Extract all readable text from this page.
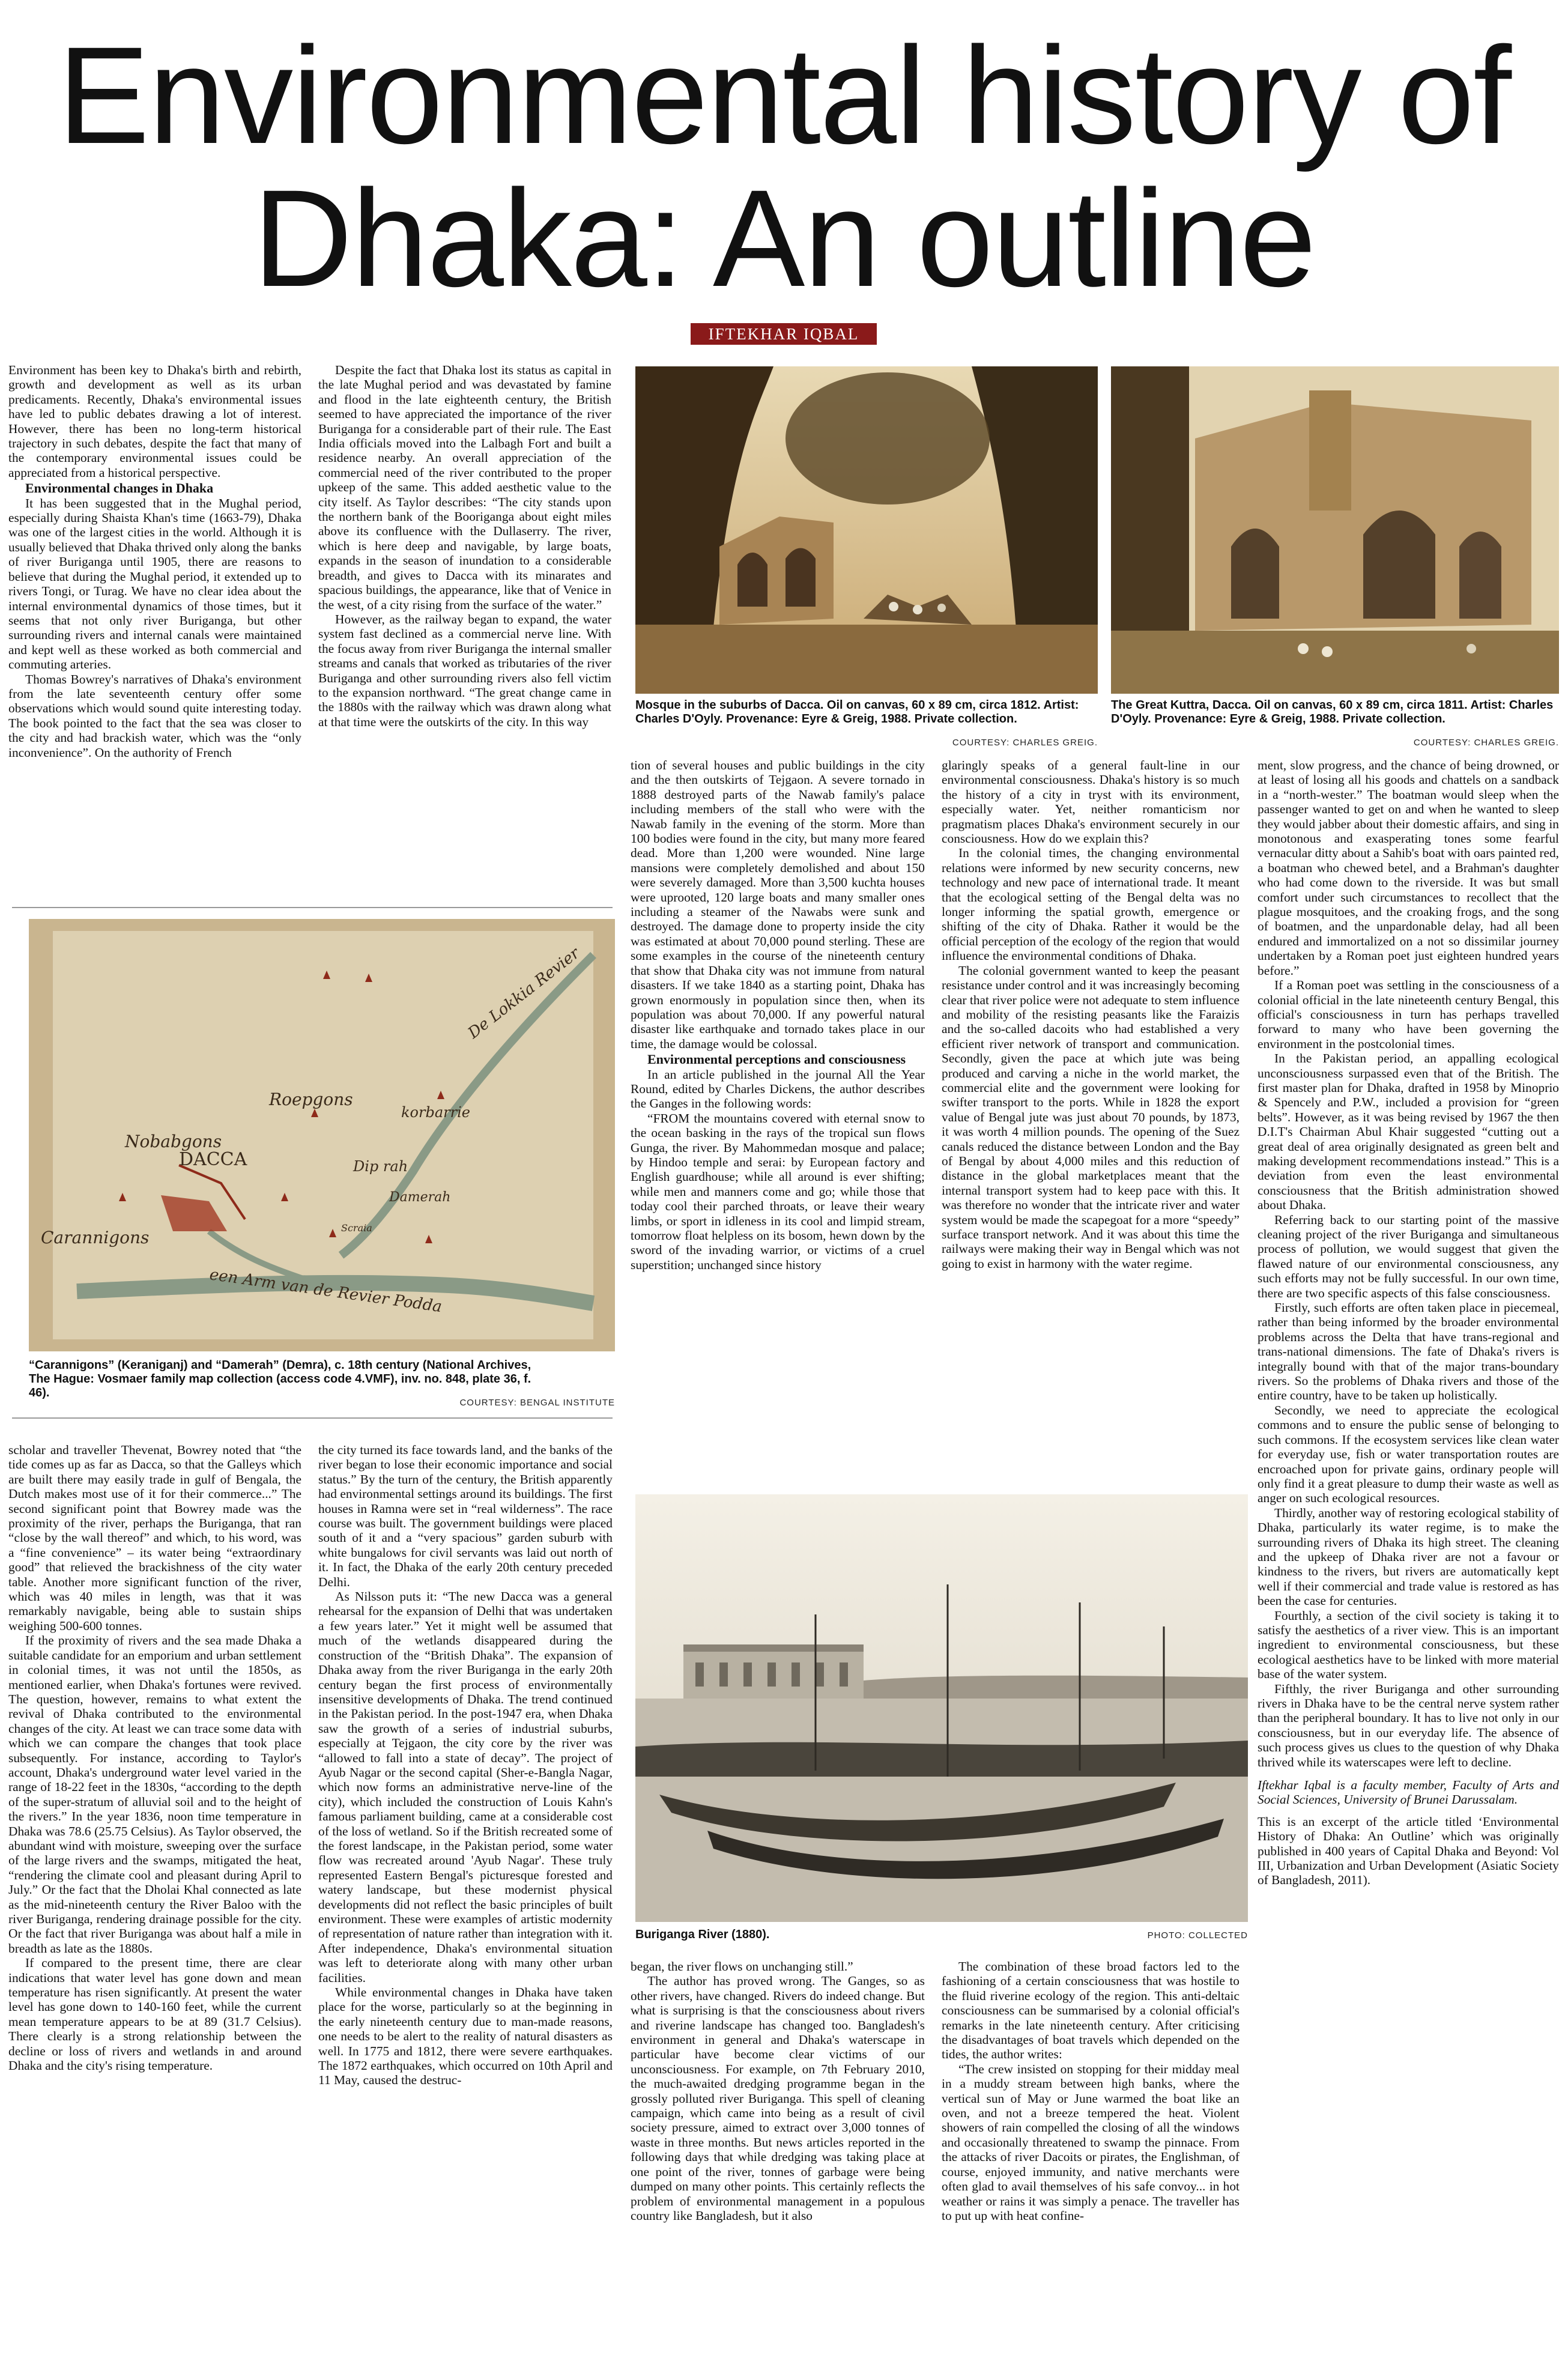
Environmental history of
Dhaka: An outline
IFTEKHAR IQBAL

Environment has been key to Dhaka's birth and rebirth, growth and development as well as its urban predicaments. Recently, Dhaka's environmental issues have led to public debates drawing a lot of interest. However, there has been no long-term historical trajectory in such debates, despite the fact that many of the contemporary environmental issues could be appreciated from a historical perspective.

Environmental changes in Dhaka

It has been suggested that in the Mughal period, especially during Shaista Khan's time (1663-79), Dhaka was one of the largest cities in the world. Although it is usually believed that Dhaka thrived only along the banks of river Buriganga until 1905, there are reasons to believe that during the Mughal period, it extended up to rivers Tongi, or Turag. We have no clear idea about the internal environmental dynamics of those times, but it seems that not only river Buriganga, but other surrounding rivers and internal canals were maintained and kept well as these worked as both commercial and commuting arteries.

Thomas Bowrey's narratives of Dhaka's environment from the late seventeenth century offer some observations which would sound quite interesting today. The book pointed to the fact that the sea was closer to the city and had brackish water, which was the “only inconvenience”. On the authority of French

Despite the fact that Dhaka lost its status as capital in the late Mughal period and was devastated by famine and flood in the late eighteenth century, the British seemed to have appreciated the importance of the river Buriganga for a considerable part of their rule. The East India officials moved into the Lalbagh Fort and built a residence nearby. An overall appreciation of the commercial need of the river contributed to the proper upkeep of the same. This added aesthetic value to the city itself. As Taylor describes: “The city stands upon the northern bank of the Booriganga about eight miles above its confluence with the Dullaserry. The river, which is here deep and navigable, by large boats, expands in the season of inundation to a considerable breadth, and gives to Dacca with its minarates and spacious buildings, the appearance, like that of Venice in the west, of a city rising from the surface of the water.”

However, as the railway began to expand, the water system fast declined as a commercial nerve line. With the focus away from river Buriganga the internal smaller streams and canals that worked as tributaries of the river Buriganga and other surrounding rivers also fell victim to the expansion northward. “The great change came in the 1880s with the railway which was drawn along what at that time were the outskirts of the city. In this way

Mosque in the suburbs of Dacca. Oil on canvas, 60 x 89 cm, circa 1812. Artist: Charles D'Oyly. Provenance: Eyre & Greig, 1988. Private collection.
COURTESY: CHARLES GREIG.
The Great Kuttra, Dacca. Oil on canvas, 60 x 89 cm, circa 1811. Artist: Charles D'Oyly. Provenance: Eyre & Greig, 1988. Private collection.
COURTESY: CHARLES GREIG.

tion of several houses and public buildings in the city and the then outskirts of Tejgaon. A severe tornado in 1888 destroyed parts of the Nawab family's palace including members of the stall who were with the Nawab family in the evening of the storm. More than 100 bodies were found in the city, but many more feared dead. More than 1,200 were wounded. Nine large mansions were completely demolished and about 150 were severely damaged. More than 3,500 kuchta houses were uprooted, 120 large boats and many smaller ones including a steamer of the Nawabs were sunk and destroyed. The damage done to property inside the city was estimated at about 70,000 pound sterling. These are some examples in the course of the nineteenth century that show that Dhaka city was not immune from natural disasters. If we take 1840 as a starting point, Dhaka has grown enormously in population since then, when its population was about 70,000. If any powerful natural disaster like earthquake and tornado takes place in our time, the damage would be colossal.

Environmental perceptions and consciousness

In an article published in the journal All the Year Round, edited by Charles Dickens, the author describes the Ganges in the following words:

“FROM the mountains covered with eternal snow to the ocean basking in the rays of the tropical sun flows Gunga, the river. By Mahommedan mosque and palace; by Hindoo temple and serai: by European factory and English guardhouse; while all around is ever shifting; while men and manners come and go; while those that today cool their parched throats, or leave their weary limbs, or sport in idleness in its cool and limpid stream, tomorrow float helpless on its bosom, hewn down by the sword of the invading warrior, or victims of a cruel superstition; unchanged since history

glaringly speaks of a general fault-line in our environmental consciousness. Dhaka's history is so much the history of a city in tryst with its environment, especially water. Yet, neither romanticism nor pragmatism places Dhaka's environment securely in our consciousness. How do we explain this?

In the colonial times, the changing environmental relations were informed by new security concerns, new technology and new pace of international trade. It meant that the ecological setting of the Bengal delta was no longer informing the spatial growth, emergence or shifting of the city of Dhaka. Rather it would be the official perception of the ecology of the region that would influence the environmental conditions of Dhaka.

The colonial government wanted to keep the peasant resistance under control and it was increasingly becoming clear that river police were not adequate to stem influence and mobility of the resisting peasants like the Faraizis and the so-called dacoits who had established a very efficient river network of transport and communication. Secondly, given the pace at which jute was being produced and carving a niche in the world market, the commercial elite and the government were looking for swifter transport to the ports. While in 1828 the export value of Bengal jute was just about 70 pounds, by 1873, it was worth 4 million pounds. The opening of the Suez canals reduced the distance between London and the Bay of Bengal by about 4,000 miles and this reduction of distance in the global marketplaces meant that the internal transport system had to keep pace with this. It was therefore no wonder that the intricate river and water system would be made the scapegoat for a more “speedy” surface transport network. And it was about this time the railways were making their way in Bengal which was not going to exist in harmony with the water regime.

ment, slow progress, and the chance of being drowned, or at least of losing all his goods and chattels on a sandback in a “north-wester.” The boatman would sleep when the passenger wanted to get on and when he wanted to sleep they would jabber about their domestic affairs, and sing in monotonous and exasperating tones some fearful vernacular ditty about a Sahib's boat with oars painted red, a boatman who chewed betel, and a Brahman's daughter who had come down to the riverside. It was but small comfort under such circumstances to recollect that the plague mosquitoes, and the croaking frogs, and the song of boatmen, and the unpardonable delay, had all been endured and immortalized on a not so dissimilar journey undertaken by a Roman poet just eighteen hundred years before.”

If a Roman poet was settling in the consciousness of a colonial official in the late nineteenth century Bengal, this official's consciousness in turn has perhaps travelled forward to many who have been governing the environment in the postcolonial times.

In the Pakistan period, an appalling ecological unconsciousness surpassed even that of the British. The first master plan for Dhaka, drafted in 1958 by Minoprio & Spencely and P.W., included a provision for “green belts”. However, as it was being revised by 1967 the then D.I.T's Chairman Abul Khair suggested “cutting out a great deal of area originally designated as green belt and making development recommendations instead.” This is a deviation from even the least environmental consciousness that the British administration showed about Dhaka.

Referring back to our starting point of the massive cleaning project of the river Buriganga and simultaneous process of pollution, we would suggest that given the flawed nature of our environmental consciousness, any such efforts may not be fully successful. In our own time, there are two specific aspects of this false consciousness.

Firstly, such efforts are often taken place in piecemeal, rather than being informed by the broader environmental problems across the Delta that have trans-regional and trans-national dimensions. The fate of Dhaka's rivers is integrally bound with that of the major trans-boundary rivers. So the problems of Dhaka rivers and those of the entire country, have to be taken up holistically.

Secondly, we need to appreciate the ecological commons and to ensure the public sense of belonging to such commons. If the ecosystem services like clean water for everyday use, fish or water transportation routes are encroached upon for private gains, ordinary people will only find it a great pleasure to dump their waste as well as anger on such ecological resources.

Thirdly, another way of restoring ecological stability of Dhaka, particularly its water regime, is to make the surrounding rivers of Dhaka its high street. The cleaning and the upkeep of Dhaka river are not a favour or kindness to the rivers, but rivers are automatically kept well if their commercial and trade value is restored as has been the case for centuries.

Fourthly, a section of the civil society is taking it to satisfy the aesthetics of a river view. This is an important ingredient to environmental consciousness, but these ecological aesthetics have to be linked with more material base of the water system.

Fifthly, the river Buriganga and other surrounding rivers in Dhaka have to be the central nerve system rather than the peripheral boundary. It has to live not only in our consciousness, but in our everyday life. The absence of such process gives us clues to the question of why Dhaka thrived while its waterscapes were left to decline.

Iftekhar Iqbal is a faculty member, Faculty of Arts and Social Sciences, University of Brunei Darussalam.

This is an excerpt of the article titled ‘Environmental History of Dhaka: An Outline’ which was originally published in 400 years of Capital Dhaka and Beyond: Vol III, Urbanization and Urban Development (Asiatic Society of Bangladesh, 2011).

De Lokkia Revier
Roepgons
korbarrie
Nobabgons
DACCA	Dip rah
Damerah
Carannigons
een Arm van de Revier Podda
Scraia
“Carannigons” (Keraniganj) and “Damerah” (Demra), c. 18th century (National Archives, The Hague: Vosmaer family map collection (access code 4.VMF), inv. no. 848, plate 36, f. 46).
COURTESY: BENGAL INSTITUTE

scholar and traveller Thevenat, Bowrey noted that “the tide comes up as far as Dacca, so that the Galleys which are built there may easily trade in gulf of Bengala, the Dutch makes most use of it for their commerce...” The second significant point that Bowrey made was the proximity of the river, perhaps the Buriganga, that ran “close by the wall thereof” and which, to his word, was a “fine convenience” – its water being “extraordinary good” that relieved the brackishness of the city water table. Another more significant function of the river, which was 40 miles in length, was that it was remarkably navigable, being able to sustain ships weighing 500-600 tonnes.

If the proximity of rivers and the sea made Dhaka a suitable candidate for an emporium and urban settlement in colonial times, it was not until the 1850s, as mentioned earlier, when Dhaka's fortunes were revived. The question, however, remains to what extent the revival of Dhaka contributed to the environmental changes of the city. At least we can trace some data with which we can compare the changes that took place subsequently. For instance, according to Taylor's account, Dhaka's underground water level varied in the range of 18-22 feet in the 1830s, “according to the depth of the super-stratum of alluvial soil and to the height of the rivers.” In the year 1836, noon time temperature in Dhaka was 78.6 (25.75 Celsius). As Taylor observed, the abundant wind with moisture, sweeping over the surface of the large rivers and the swamps, mitigated the heat, “rendering the climate cool and pleasant during April to July.” Or the fact that the Dholai Khal connected as late as the mid-nineteenth century the River Baloo with the river Buriganga, rendering drainage possible for the city. Or the fact that river Buriganga was about half a mile in breadth as late as the 1880s.

If compared to the present time, there are clear indications that water level has gone down and mean temperature has risen significantly. At present the water level has gone down to 140-160 feet, while the current mean temperature appears to be at 89 (31.7 Celsius). There clearly is a strong relationship between the decline or loss of rivers and wetlands in and around Dhaka and the city's rising temperature.

the city turned its face towards land, and the banks of the river began to lose their economic importance and social status.” By the turn of the century, the British apparently had environmental settings around its buildings. The first houses in Ramna were set in “real wilderness”. The race course was built. The government buildings were placed south of it and a “very spacious” garden suburb with white bungalows for civil servants was laid out north of it. In fact, the Dhaka of the early 20th century preceded Delhi.

As Nilsson puts it: “The new Dacca was a general rehearsal for the expansion of Delhi that was undertaken a few years later.” Yet it might well be assumed that much of the wetlands disappeared during the construction of the “British Dhaka”. The expansion of Dhaka away from the river Buriganga in the early 20th century began the first process of environmentally insensitive developments of Dhaka. The trend continued in the Pakistan period. In the post-1947 era, when Dhaka saw the growth of a series of industrial suburbs, especially at Tejgaon, the city core by the river was “allowed to fall into a state of decay”. The project of Ayub Nagar or the second capital (Sher-e-Bangla Nagar, which now forms an administrative nerve-line of the city), which included the construction of Louis Kahn's famous parliament building, came at a considerable cost of the loss of wetland. So if the British recreated some of the forest landscape, in the Pakistan period, some water flow was recreated around 'Ayub Nagar'. These truly represented Eastern Bengal's picturesque forested and watery landscape, but these modernist physical developments did not reflect the basic principles of built environment. These were examples of artistic modernity of representation of nature rather than integration with it. After independence, Dhaka's environmental situation was left to deteriorate along with many other urban facilities.

While environmental changes in Dhaka have taken place for the worse, particularly so at the beginning in the early nineteenth century due to man-made reasons, one needs to be alert to the reality of natural disasters as well. In 1775 and 1812, there were severe earthquakes. The 1872 earthquakes, which occurred on 10th April and 11 May, caused the destruc-

Buriganga River (1880).	PHOTO: COLLECTED

began, the river flows on unchanging still.”

The author has proved wrong. The Ganges, so as other rivers, have changed. Rivers do indeed change. But what is surprising is that the consciousness about rivers and riverine landscape has changed too. Bangladesh's environment in general and Dhaka's waterscape in particular have become clear victims of our unconsciousness. For example, on 7th February 2010, the much-awaited dredging programme began in the grossly polluted river Buriganga. This spell of cleaning campaign, which came into being as a result of civil society pressure, aimed to extract over 3,000 tonnes of waste in three months. But news articles reported in the following days that while dredging was taking place at one point of the river, tonnes of garbage were being dumped on many other points. This certainly reflects the problem of environmental management in a populous country like Bangladesh, but it also

The combination of these broad factors led to the fashioning of a certain consciousness that was hostile to the fluid riverine ecology of the region. This anti-deltaic consciousness can be summarised by a colonial official's remarks in the late nineteenth century. After criticising the disadvantages of boat travels which depended on the tides, the author writes:

“The crew insisted on stopping for their midday meal in a muddy stream between high banks, where the vertical sun of May or June warmed the boat like an oven, and not a breeze tempered the heat. Violent showers of rain compelled the closing of all the windows and occasionally threatened to swamp the pinnace. From the attacks of river Dacoits or pirates, the Englishman, of course, enjoyed immunity, and native merchants were often glad to avail themselves of his safe convoy... in hot weather or rains it was simply a penace. The traveller has to put up with heat confine-
